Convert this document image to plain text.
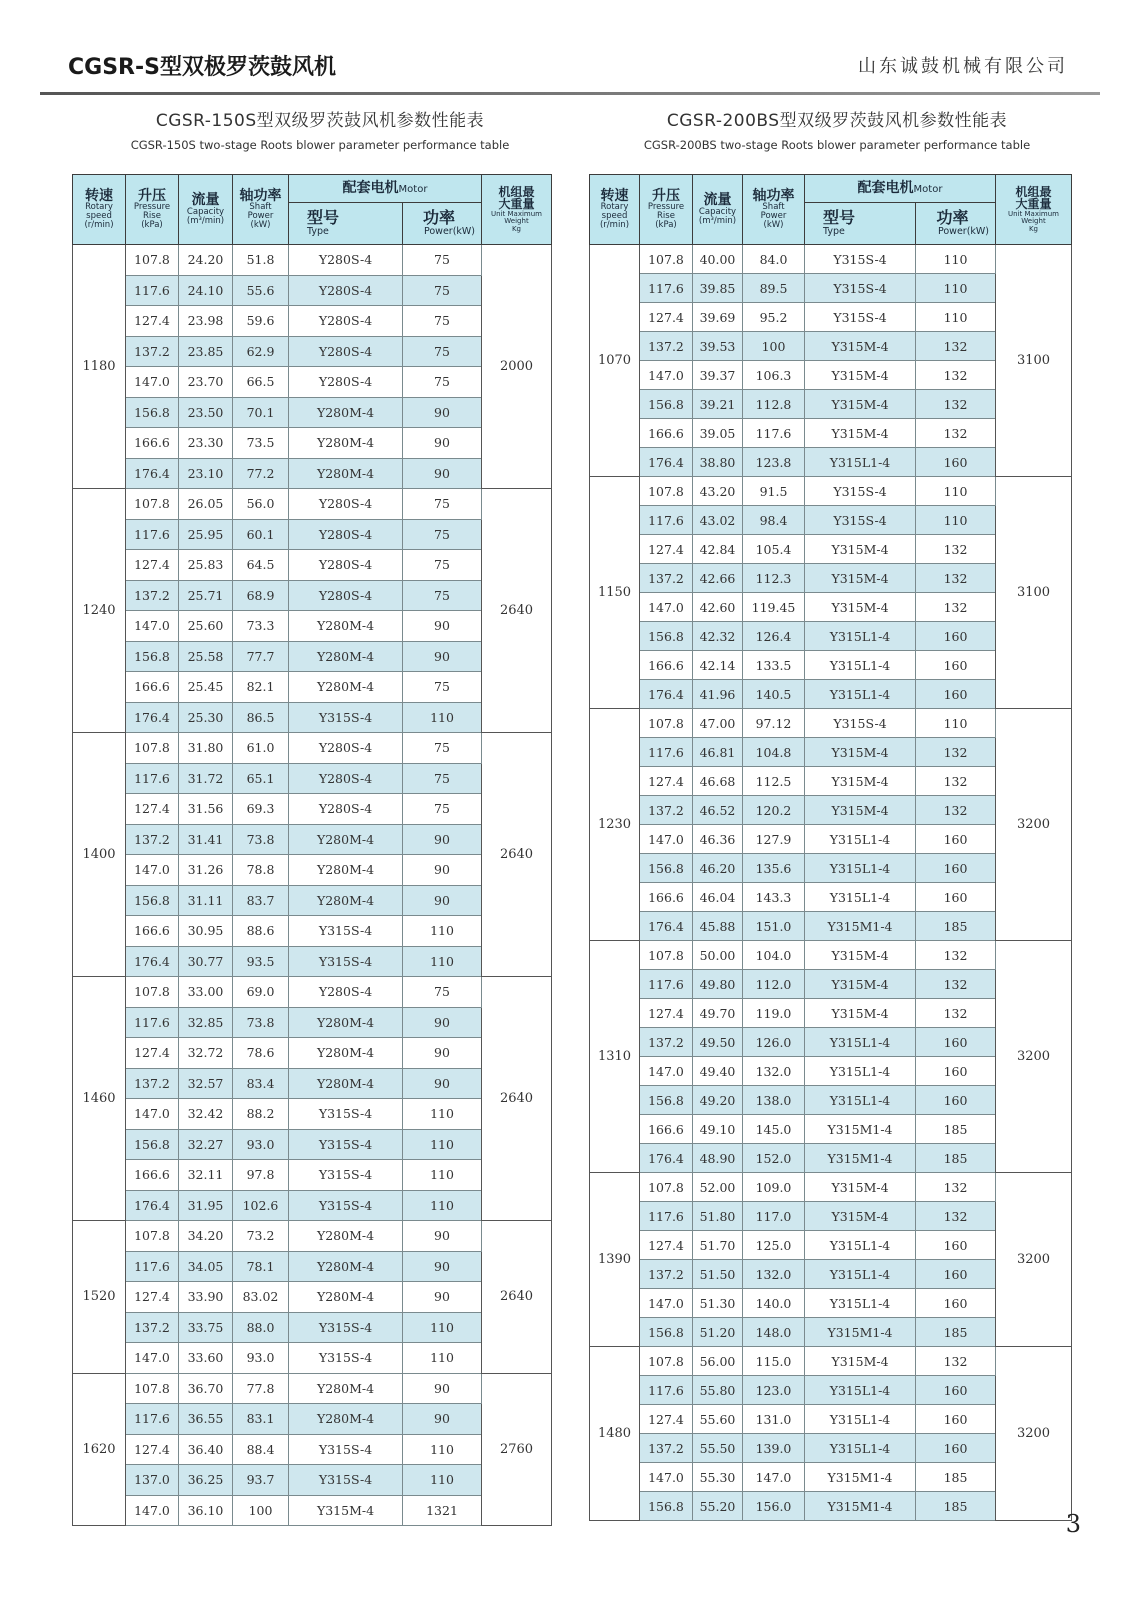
CGSR-S型双极罗茨鼓风机	山东诚鼓机械有限公司
CGSR-150S型双级罗茨鼓风机参数性能表
CGSR-150S two-stage Roots blower parameter performance table
转速
Rotary
speed
(r/min)	升压
Pressure
Rise
(kPa)	流量
Capacity
(m³/min)	轴功率
Shaft
Power
(kW)	配套电机Motor		机组最
大重量
Unit Maximum
Weight
Kg

				型号
Type	功率
Power(kW)	

1180	107.8	24.20	51.8	Y280S-4	75	2000
	117.6	24.10	55.6	Y280S-4	75	
	127.4	23.98	59.6	Y280S-4	75	
	137.2	23.85	62.9	Y280S-4	75	
	147.0	23.70	66.5	Y280S-4	75	
	156.8	23.50	70.1	Y280M-4	90	
	166.6	23.30	73.5	Y280M-4	90	
	176.4	23.10	77.2	Y280M-4	90	
1240	107.8	26.05	56.0	Y280S-4	75	2640
	117.6	25.95	60.1	Y280S-4	75	
	127.4	25.83	64.5	Y280S-4	75	
	137.2	25.71	68.9	Y280S-4	75	
	147.0	25.60	73.3	Y280M-4	90	
	156.8	25.58	77.7	Y280M-4	90	
	166.6	25.45	82.1	Y280M-4	75	
	176.4	25.30	86.5	Y315S-4	110	
1400	107.8	31.80	61.0	Y280S-4	75	2640
	117.6	31.72	65.1	Y280S-4	75	
	127.4	31.56	69.3	Y280S-4	75	
	137.2	31.41	73.8	Y280M-4	90	
	147.0	31.26	78.8	Y280M-4	90	
	156.8	31.11	83.7	Y280M-4	90	
	166.6	30.95	88.6	Y315S-4	110	
	176.4	30.77	93.5	Y315S-4	110	
1460	107.8	33.00	69.0	Y280S-4	75	2640
	117.6	32.85	73.8	Y280M-4	90	
	127.4	32.72	78.6	Y280M-4	90	
	137.2	32.57	83.4	Y280M-4	90	
	147.0	32.42	88.2	Y315S-4	110	
	156.8	32.27	93.0	Y315S-4	110	
	166.6	32.11	97.8	Y315S-4	110	
	176.4	31.95	102.6	Y315S-4	110	
1520	107.8	34.20	73.2	Y280M-4	90	2640
	117.6	34.05	78.1	Y280M-4	90	
	127.4	33.90	83.02	Y280M-4	90	
	137.2	33.75	88.0	Y315S-4	110	
	147.0	33.60	93.0	Y315S-4	110	
1620	107.8	36.70	77.8	Y280M-4	90	2760
	117.6	36.55	83.1	Y280M-4	90	
	127.4	36.40	88.4	Y315S-4	110	
	137.0	36.25	93.7	Y315S-4	110	
	147.0	36.10	100	Y315M-4	1321	
CGSR-200BS型双级罗茨鼓风机参数性能表
CGSR-200BS two-stage Roots blower parameter performance table
转速
Rotary
speed
(r/min)	升压
Pressure
Rise
(kPa)	流量
Capacity
(m³/min)	轴功率
Shaft
Power
(kW)	配套电机Motor		机组最
大重量
Unit Maximum
Weight
Kg

				型号
Type	功率
Power(kW)	

1070	107.8	40.00	84.0	Y315S-4	110	3100
	117.6	39.85	89.5	Y315S-4	110	
	127.4	39.69	95.2	Y315S-4	110	
	137.2	39.53	100	Y315M-4	132	
	147.0	39.37	106.3	Y315M-4	132	
	156.8	39.21	112.8	Y315M-4	132	
	166.6	39.05	117.6	Y315M-4	132	
	176.4	38.80	123.8	Y315L1-4	160	
1150	107.8	43.20	91.5	Y315S-4	110	3100
	117.6	43.02	98.4	Y315S-4	110	
	127.4	42.84	105.4	Y315M-4	132	
	137.2	42.66	112.3	Y315M-4	132	
	147.0	42.60	119.45	Y315M-4	132	
	156.8	42.32	126.4	Y315L1-4	160	
	166.6	42.14	133.5	Y315L1-4	160	
	176.4	41.96	140.5	Y315L1-4	160	
1230	107.8	47.00	97.12	Y315S-4	110	3200
	117.6	46.81	104.8	Y315M-4	132	
	127.4	46.68	112.5	Y315M-4	132	
	137.2	46.52	120.2	Y315M-4	132	
	147.0	46.36	127.9	Y315L1-4	160	
	156.8	46.20	135.6	Y315L1-4	160	
	166.6	46.04	143.3	Y315L1-4	160	
	176.4	45.88	151.0	Y315M1-4	185	
1310	107.8	50.00	104.0	Y315M-4	132	3200
	117.6	49.80	112.0	Y315M-4	132	
	127.4	49.70	119.0	Y315M-4	132	
	137.2	49.50	126.0	Y315L1-4	160	
	147.0	49.40	132.0	Y315L1-4	160	
	156.8	49.20	138.0	Y315L1-4	160	
	166.6	49.10	145.0	Y315M1-4	185	
	176.4	48.90	152.0	Y315M1-4	185	
1390	107.8	52.00	109.0	Y315M-4	132	3200
	117.6	51.80	117.0	Y315M-4	132	
	127.4	51.70	125.0	Y315L1-4	160	
	137.2	51.50	132.0	Y315L1-4	160	
	147.0	51.30	140.0	Y315L1-4	160	
	156.8	51.20	148.0	Y315M1-4	185	
1480	107.8	56.00	115.0	Y315M-4	132	3200
	117.6	55.80	123.0	Y315L1-4	160	
	127.4	55.60	131.0	Y315L1-4	160	
	137.2	55.50	139.0	Y315L1-4	160	
	147.0	55.30	147.0	Y315M1-4	185	
	156.8	55.20	156.0	Y315M1-4	185	
3
